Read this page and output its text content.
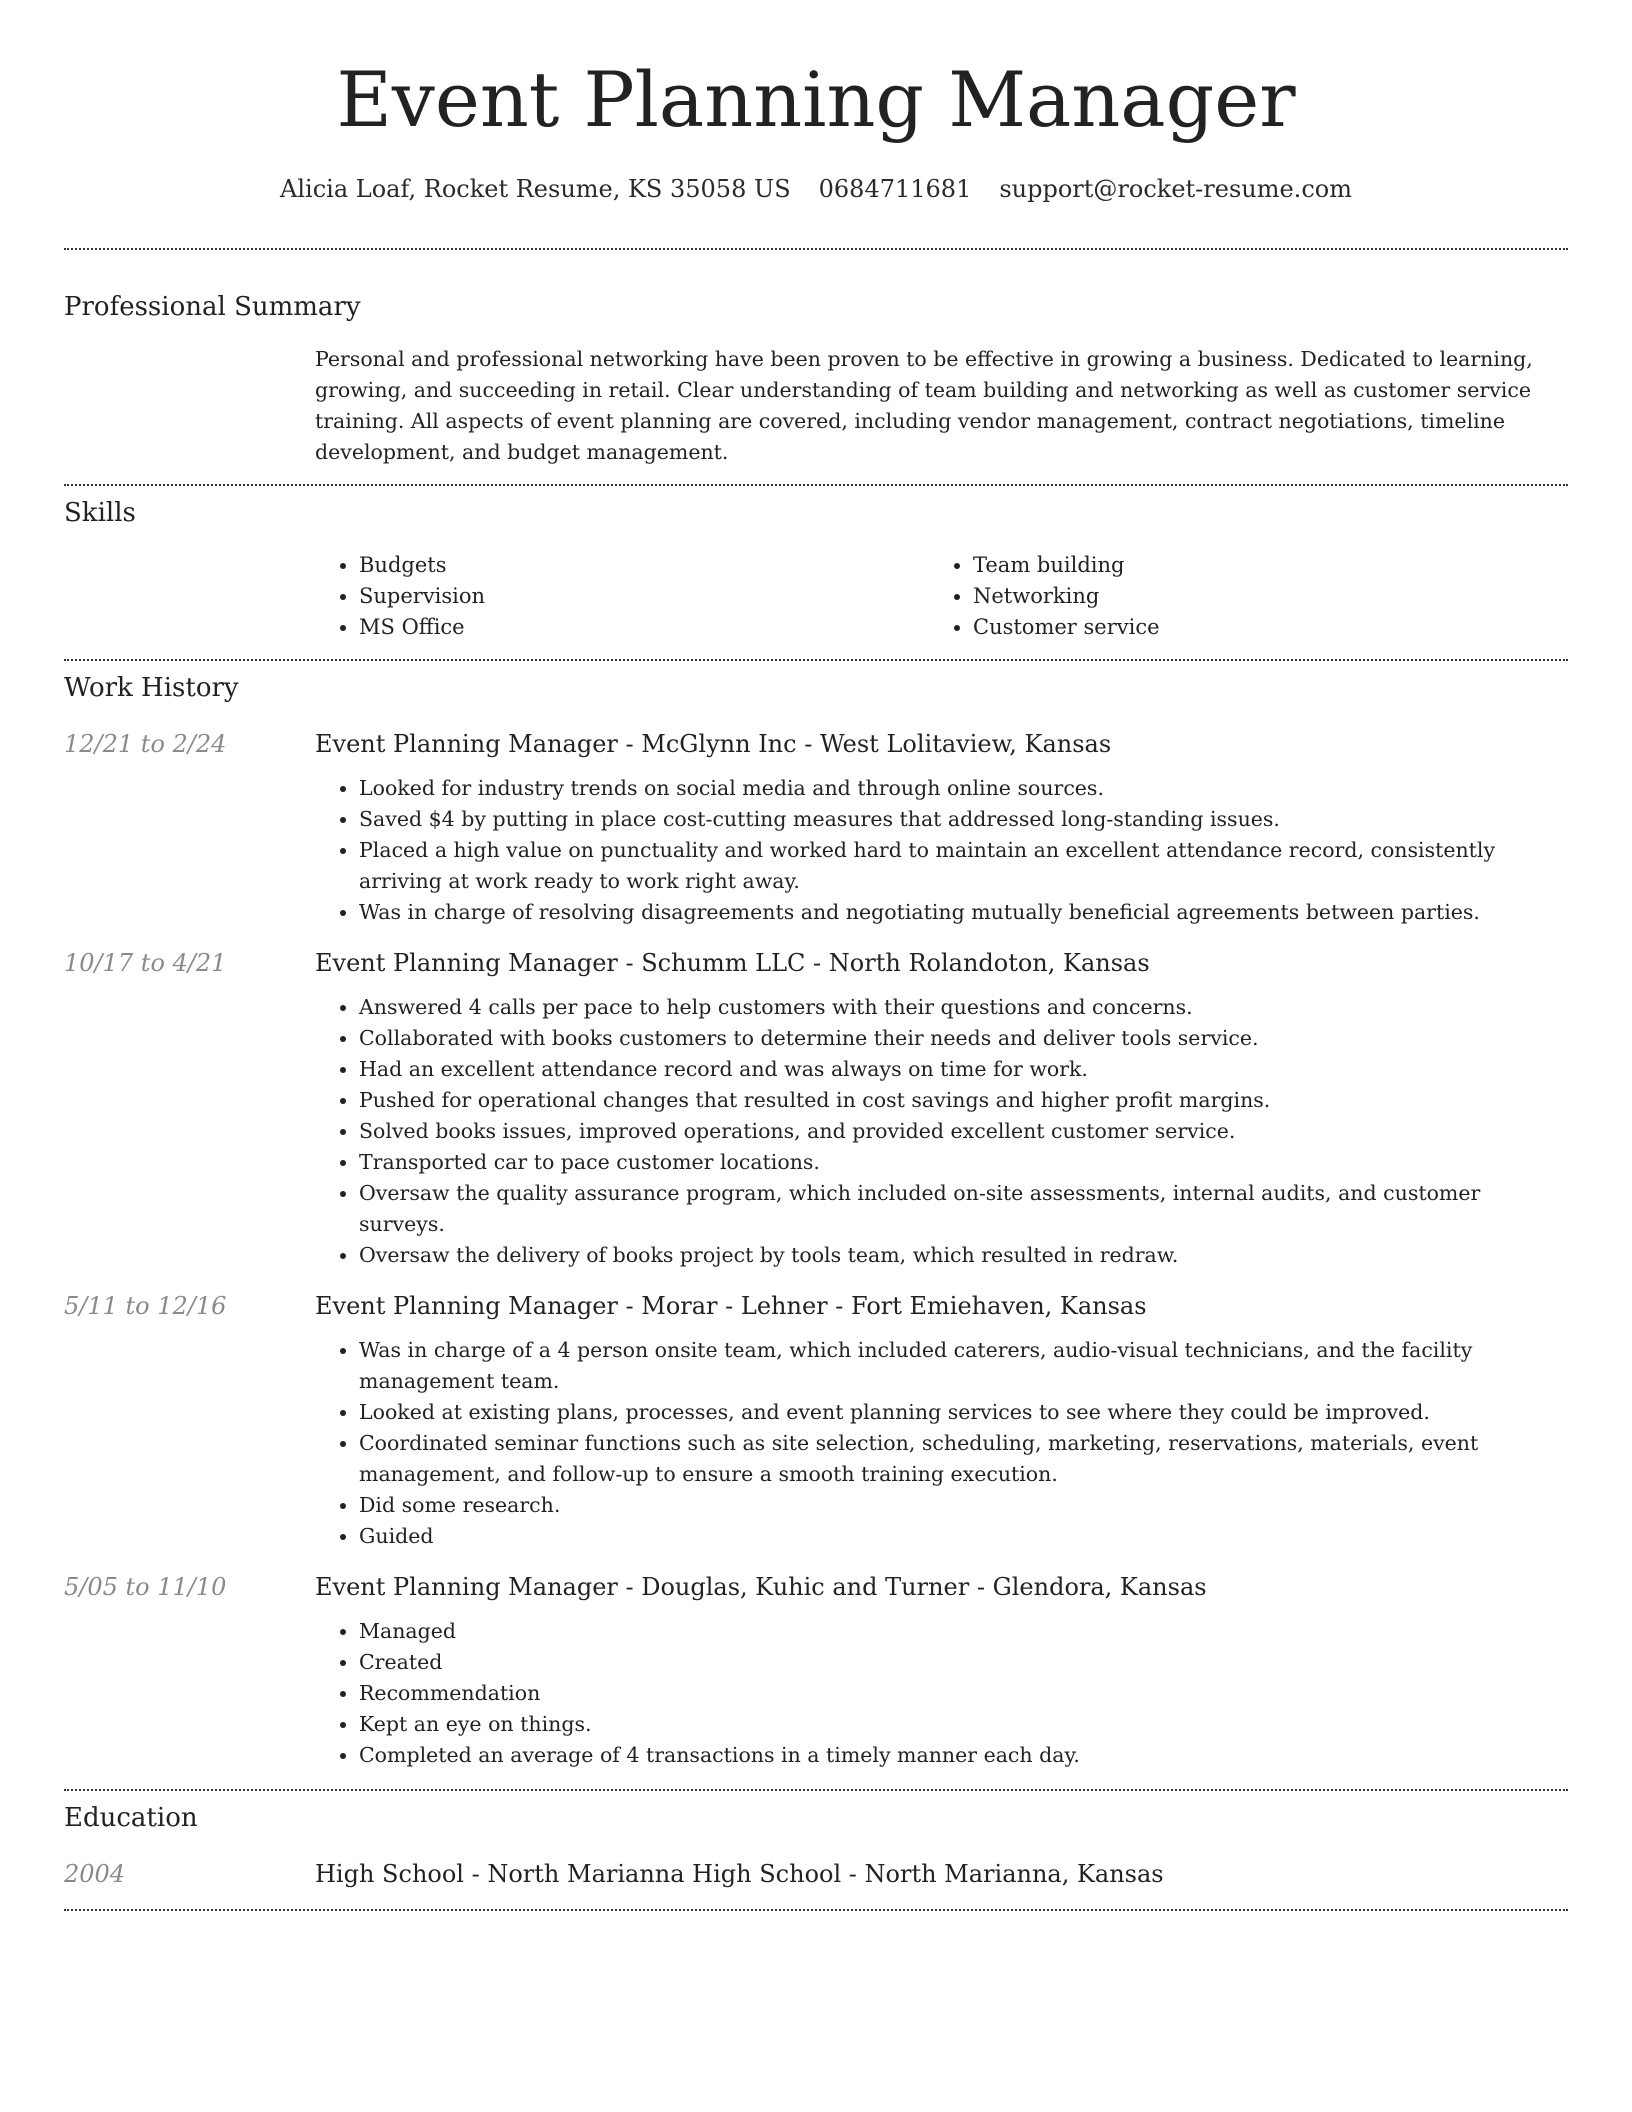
Event Planning Manager
Alicia Loaf, Rocket Resume, KS 35058 US 0684711681 support@rocket-resume.com
Professional Summary
Personal and professional networking have been proven to be effective in growing a business. Dedicated to learning, growing, and succeeding in retail. Clear understanding of team building and networking as well as customer service training. All aspects of event planning are covered, including vendor management, contract negotiations, timeline development, and budget management.
Skills
• Budgets
• Supervision
• MS Office
• Team building
• Networking
• Customer service
Work History
12/21 to 2/24	Event Planning Manager - McGlynn Inc - West Lolitaview, Kansas
• Looked for industry trends on social media and through online sources.
• Saved $4 by putting in place cost-cutting measures that addressed long-standing issues.
• Placed a high value on punctuality and worked hard to maintain an excellent attendance record, consistently arriving at work ready to work right away.
• Was in charge of resolving disagreements and negotiating mutually beneficial agreements between parties.
10/17 to 4/21	Event Planning Manager - Schumm LLC - North Rolandoton, Kansas
• Answered 4 calls per pace to help customers with their questions and concerns.
• Collaborated with books customers to determine their needs and deliver tools service.
• Had an excellent attendance record and was always on time for work.
• Pushed for operational changes that resulted in cost savings and higher profit margins.
• Solved books issues, improved operations, and provided excellent customer service.
• Transported car to pace customer locations.
• Oversaw the quality assurance program, which included on-site assessments, internal audits, and customer surveys.
• Oversaw the delivery of books project by tools team, which resulted in redraw.
5/11 to 12/16	Event Planning Manager - Morar - Lehner - Fort Emiehaven, Kansas
• Was in charge of a 4 person onsite team, which included caterers, audio-visual technicians, and the facility management team.
• Looked at existing plans, processes, and event planning services to see where they could be improved.
• Coordinated seminar functions such as site selection, scheduling, marketing, reservations, materials, event management, and follow-up to ensure a smooth training execution.
• Did some research.
• Guided
5/05 to 11/10	Event Planning Manager - Douglas, Kuhic and Turner - Glendora, Kansas
• Managed
• Created
• Recommendation
• Kept an eye on things.
• Completed an average of 4 transactions in a timely manner each day.
Education
2004	High School - North Marianna High School - North Marianna, Kansas
